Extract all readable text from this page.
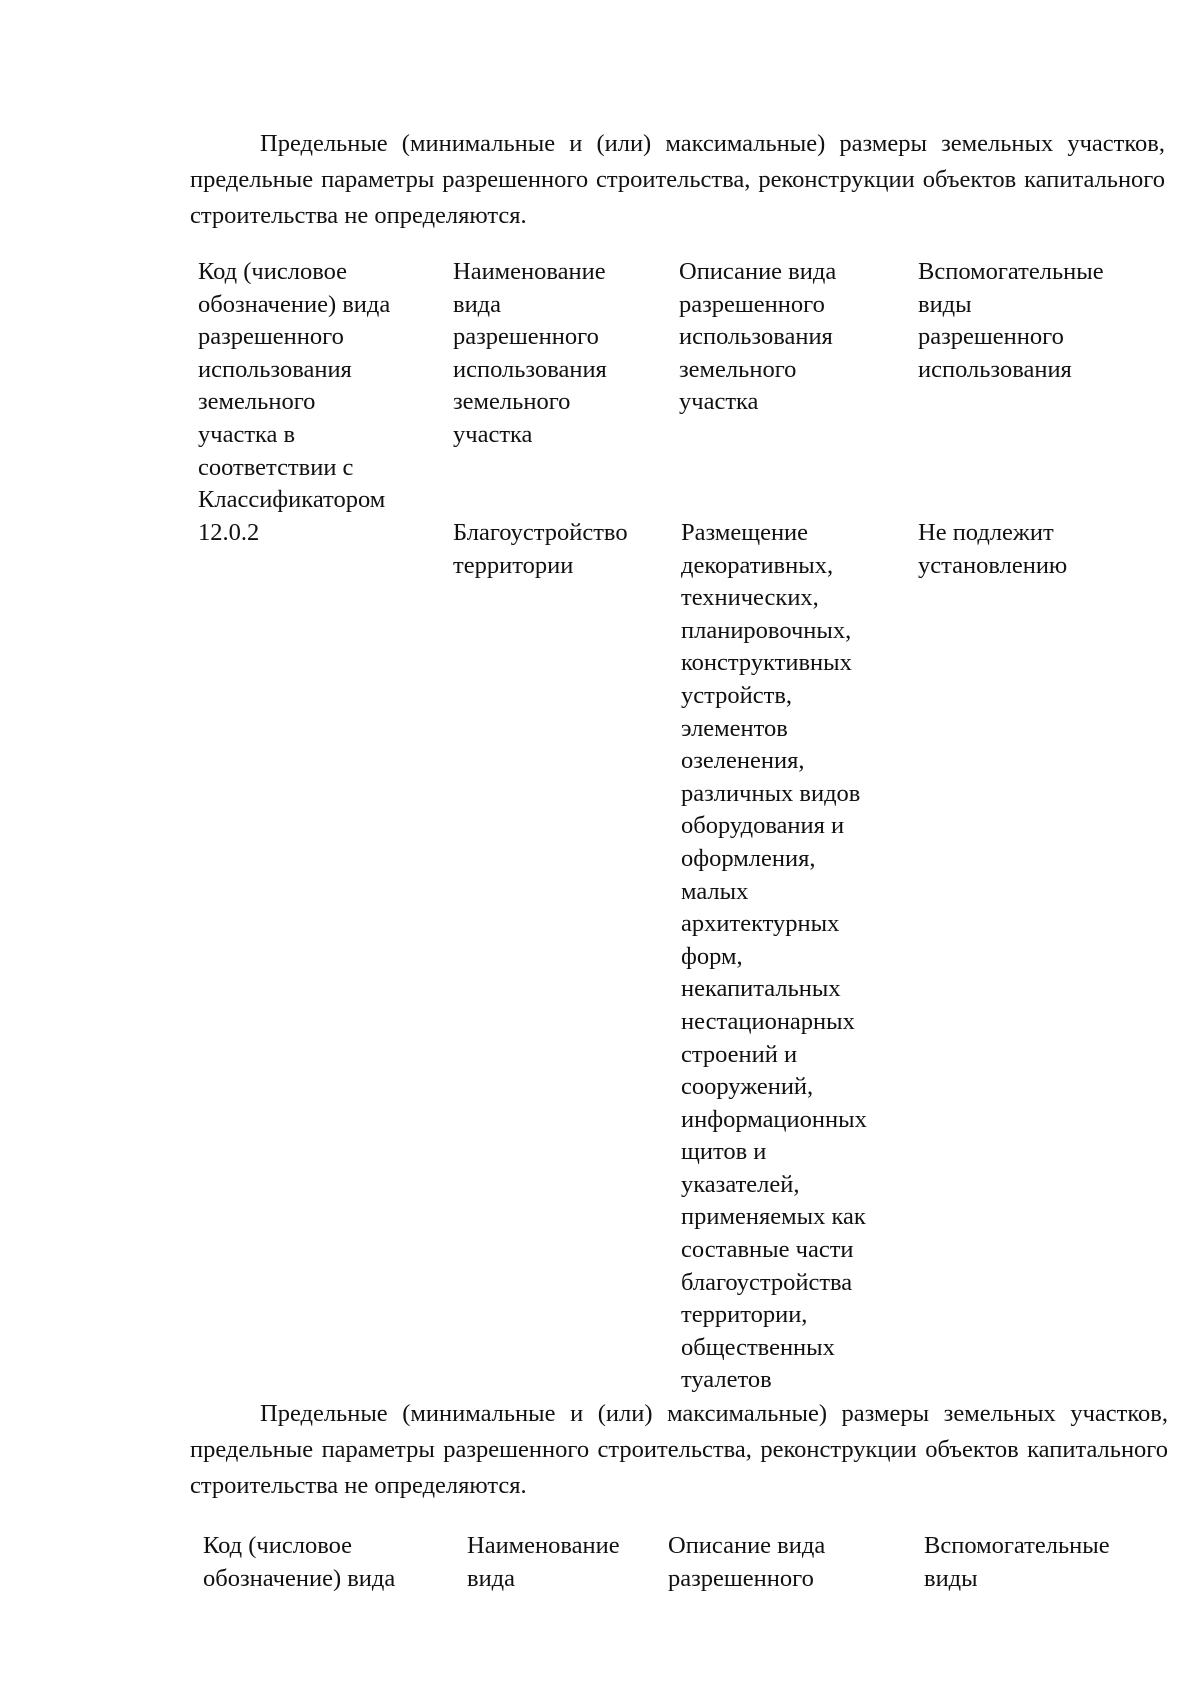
Предельные (минимальные и (или) максимальные) размеры земельных участков, предельные параметры разрешенного строительства, реконструкции объектов капитального строительства не определяются.

Код (числовое
обозначение) вида
разрешенного
использования
земельного
участка в
соответствии с
Классификатором
Наименование
вида
разрешенного
использования
земельного
участка
Описание вида
разрешенного
использования
земельного
участка
Вспомогательные
виды
разрешенного
использования
12.0.2	Благоустройство
территории
Размещение
декоративных,
технических,
планировочных,
конструктивных
устройств,
элементов
озеленения,
различных видов
оборудования и
оформления,
малых
архитектурных
форм,
некапитальных
нестационарных
строений и
сооружений,
информационных
щитов и
указателей,
применяемых как
составные части
благоустройства
территории,
общественных
туалетов
Не подлежит
установлению

Предельные (минимальные и (или) максимальные) размеры земельных участков, предельные параметры разрешенного строительства, реконструкции объектов капитального строительства не определяются.

Код (числовое
обозначение) вида
Наименование
вида
Описание вида
разрешенного
Вспомогательные
виды
